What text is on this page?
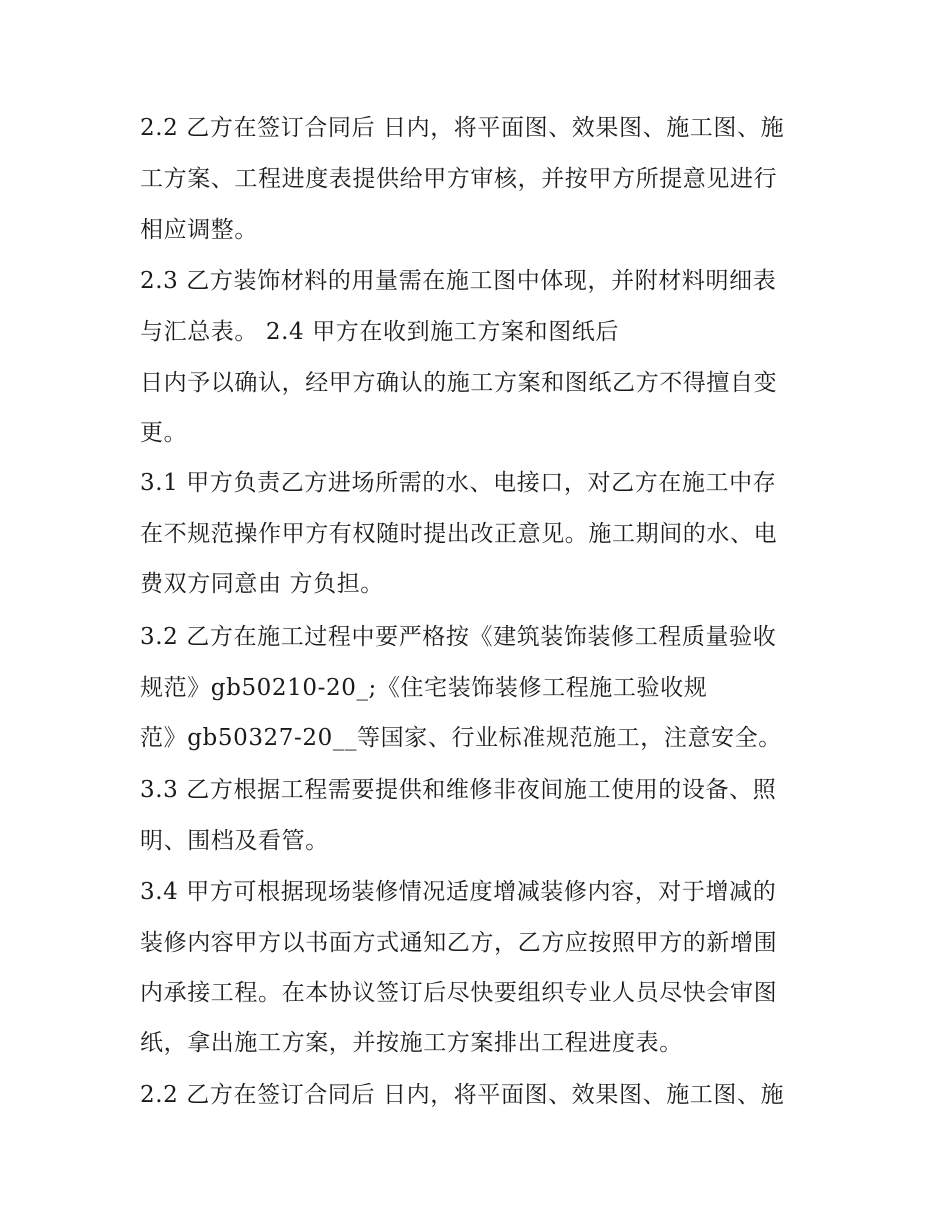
2.2 乙方在签订合同后 日内，将平面图、效果图、施工图、施
工方案、工程进度表提供给甲方审核，并按甲方所提意见进行
相应调整。
2.3 乙方装饰材料的用量需在施工图中体现，并附材料明细表
与汇总表。 2.4 甲方在收到施工方案和图纸后
日内予以确认，经甲方确认的施工方案和图纸乙方不得擅自变
更。
3.1 甲方负责乙方进场所需的水、电接口，对乙方在施工中存
在不规范操作甲方有权随时提出改正意见。施工期间的水、电
费双方同意由 方负担。
3.2 乙方在施工过程中要严格按《建筑装饰装修工程质量验收
规范》gb50210-20_;《住宅装饰装修工程施工验收规
范》gb50327-20__等国家、行业标准规范施工，注意安全。
3.3 乙方根据工程需要提供和维修非夜间施工使用的设备、照
明、围档及看管。
3.4 甲方可根据现场装修情况适度增减装修内容，对于增减的
装修内容甲方以书面方式通知乙方，乙方应按照甲方的新增围
内承接工程。在本协议签订后尽快要组织专业人员尽快会审图
纸，拿出施工方案，并按施工方案排出工程进度表。
2.2 乙方在签订合同后 日内，将平面图、效果图、施工图、施
